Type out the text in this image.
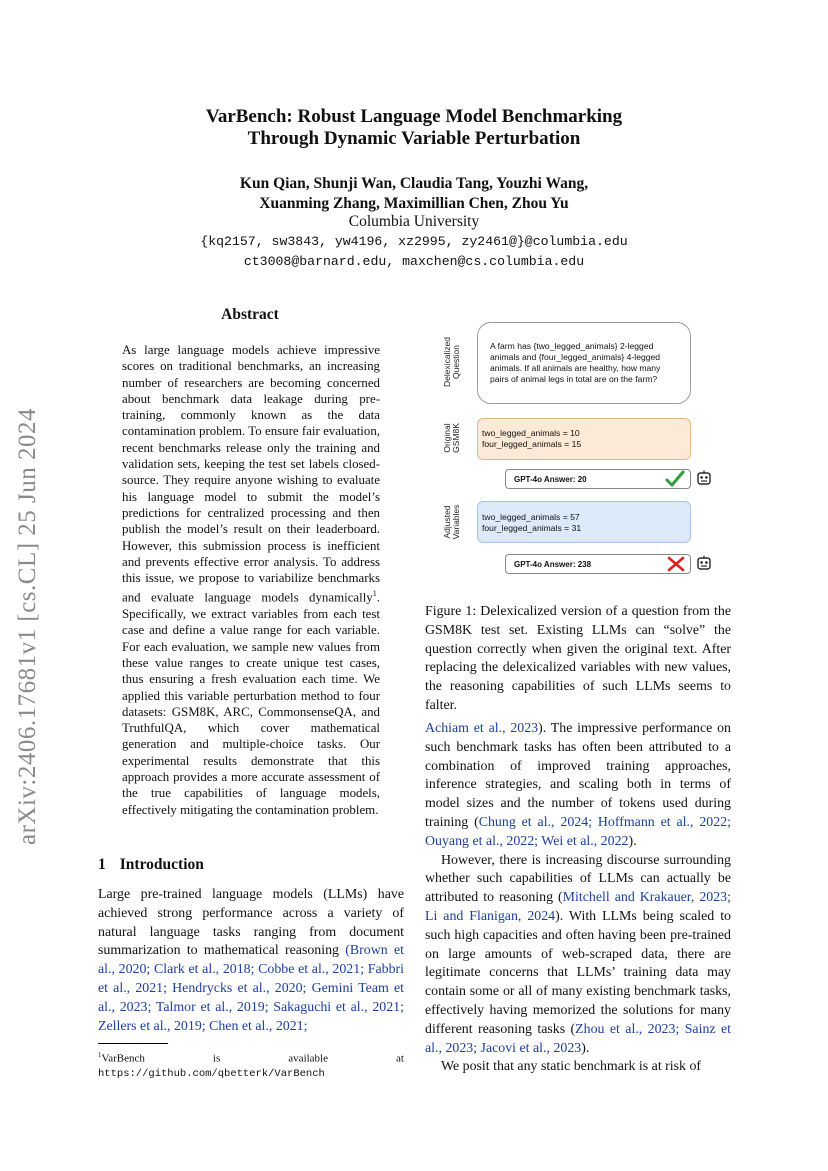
arXiv:2406.17681v1 [cs.CL] 25 Jun 2024
VarBench: Robust Language Model Benchmarking
Through Dynamic Variable Perturbation
Kun Qian, Shunji Wan, Claudia Tang, Youzhi Wang,
Xuanming Zhang, Maximillian Chen, Zhou Yu
Columbia University
{kq2157, sw3843, yw4196, xz2995, zy2461@}@columbia.edu
ct3008@barnard.edu, maxchen@cs.columbia.edu
Abstract
As large language models achieve impressive scores on traditional benchmarks, an increasing number of researchers are becoming concerned about benchmark data leakage during pre-training, commonly known as the data contamination problem. To ensure fair evaluation, recent benchmarks release only the training and validation sets, keeping the test set labels closed-source. They require anyone wishing to evaluate his language model to submit the model’s predictions for centralized processing and then publish the model’s result on their leaderboard. However, this submission process is inefficient and prevents effective error analysis. To address this issue, we propose to variabilize benchmarks and evaluate language models dynamically$^1$. Specifically, we extract variables from each test case and define a value range for each variable. For each evaluation, we sample new values from these value ranges to create unique test cases, thus ensuring a fresh evaluation each time. We applied this variable perturbation method to four datasets: GSM8K, ARC, CommonsenseQA, and TruthfulQA, which cover mathematical generation and multiple-choice tasks. Our experimental results demonstrate that this approach provides a more accurate assessment of the true capabilities of language models, effectively mitigating the contamination problem.
1 Introduction
Large pre-trained language models (LLMs) have achieved strong performance across a variety of natural language tasks ranging from document summarization to mathematical reasoning (Brown et al., 2020; Clark et al., 2018; Cobbe et al., 2021; Fabbri et al., 2021; Hendrycks et al., 2020; Gemini Team et al., 2023; Talmor et al., 2019; Sakaguchi et al., 2021; Zellers et al., 2019; Chen et al., 2021;
$^1$VarBench is available at https://github.com/qbetterk/VarBench
Delexicalized Question	A farm has {two_legged_animals} 2-legged animals and {four_legged_animals} 4-legged animals. If all animals are healthy, how many pairs of animal legs in total are on the farm?
Original GSM8K two_legged_animals = 10
four_legged_animals = 15
GPT-4o Answer: 20
Adjusted Variables two_legged_animals = 57
four_legged_animals = 31
GPT-4o Answer: 238
Figure 1: Delexicalized version of a question from the GSM8K test set. Existing LLMs can “solve” the question correctly when given the original text. After replacing the delexicalized variables with new values, the reasoning capabilities of such LLMs seems to falter.

Achiam et al., 2023). The impressive performance on such benchmark tasks has often been attributed to a combination of improved training approaches, inference strategies, and scaling both in terms of model sizes and the number of tokens used during training (Chung et al., 2024; Hoffmann et al., 2022; Ouyang et al., 2022; Wei et al., 2022).

However, there is increasing discourse surrounding whether such capabilities of LLMs can actually be attributed to reasoning (Mitchell and Krakauer, 2023; Li and Flanigan, 2024). With LLMs being scaled to such high capacities and often having been pre-trained on large amounts of web-scraped data, there are legitimate concerns that LLMs’ training data may contain some or all of many existing benchmark tasks, effectively having memorized the solutions for many different reasoning tasks (Zhou et al., 2023; Sainz et al., 2023; Jacovi et al., 2023).

We posit that any static benchmark is at risk of
